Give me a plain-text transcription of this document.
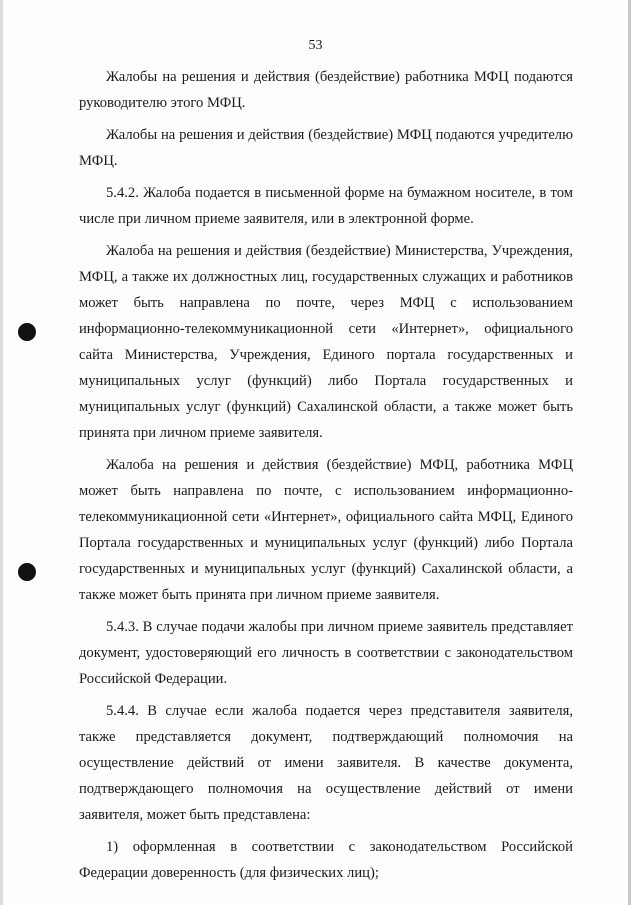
53

Жалобы на решения и действия (бездействие) работника МФЦ подаются руководителю этого МФЦ.

Жалобы на решения и действия (бездействие) МФЦ подаются учредителю МФЦ.

5.4.2. Жалоба подается в письменной форме на бумажном носителе, в том числе при личном приеме заявителя, или в электронной форме.

Жалоба на решения и действия (бездействие) Министерства, Учреждения, МФЦ, а также их должностных лиц, государственных служащих и работников может быть направлена по почте, через МФЦ с использованием информационно-телекоммуникационной сети «Интернет», официального сайта Министерства, Учреждения, Единого портала государственных и муниципальных услуг (функций) либо Портала государственных и муниципальных услуг (функций) Сахалинской области, а также может быть принята при личном приеме заявителя.

Жалоба на решения и действия (бездействие) МФЦ, работника МФЦ может быть направлена по почте, с использованием информационно-телекоммуникационной сети «Интернет», официального сайта МФЦ, Единого Портала государственных и муниципальных услуг (функций) либо Портала государственных и муниципальных услуг (функций) Сахалинской области, а также может быть принята при личном приеме заявителя.

5.4.3. В случае подачи жалобы при личном приеме заявитель представляет документ, удостоверяющий его личность в соответствии с законодательством Российской Федерации.

5.4.4. В случае если жалоба подается через представителя заявителя, также представляется документ, подтверждающий полномочия на осуществление действий от имени заявителя. В качестве документа, подтверждающего полномочия на осуществление действий от имени заявителя, может быть представлена:

1) оформленная в соответствии с законодательством Российской Федерации доверенность (для физических лиц);
